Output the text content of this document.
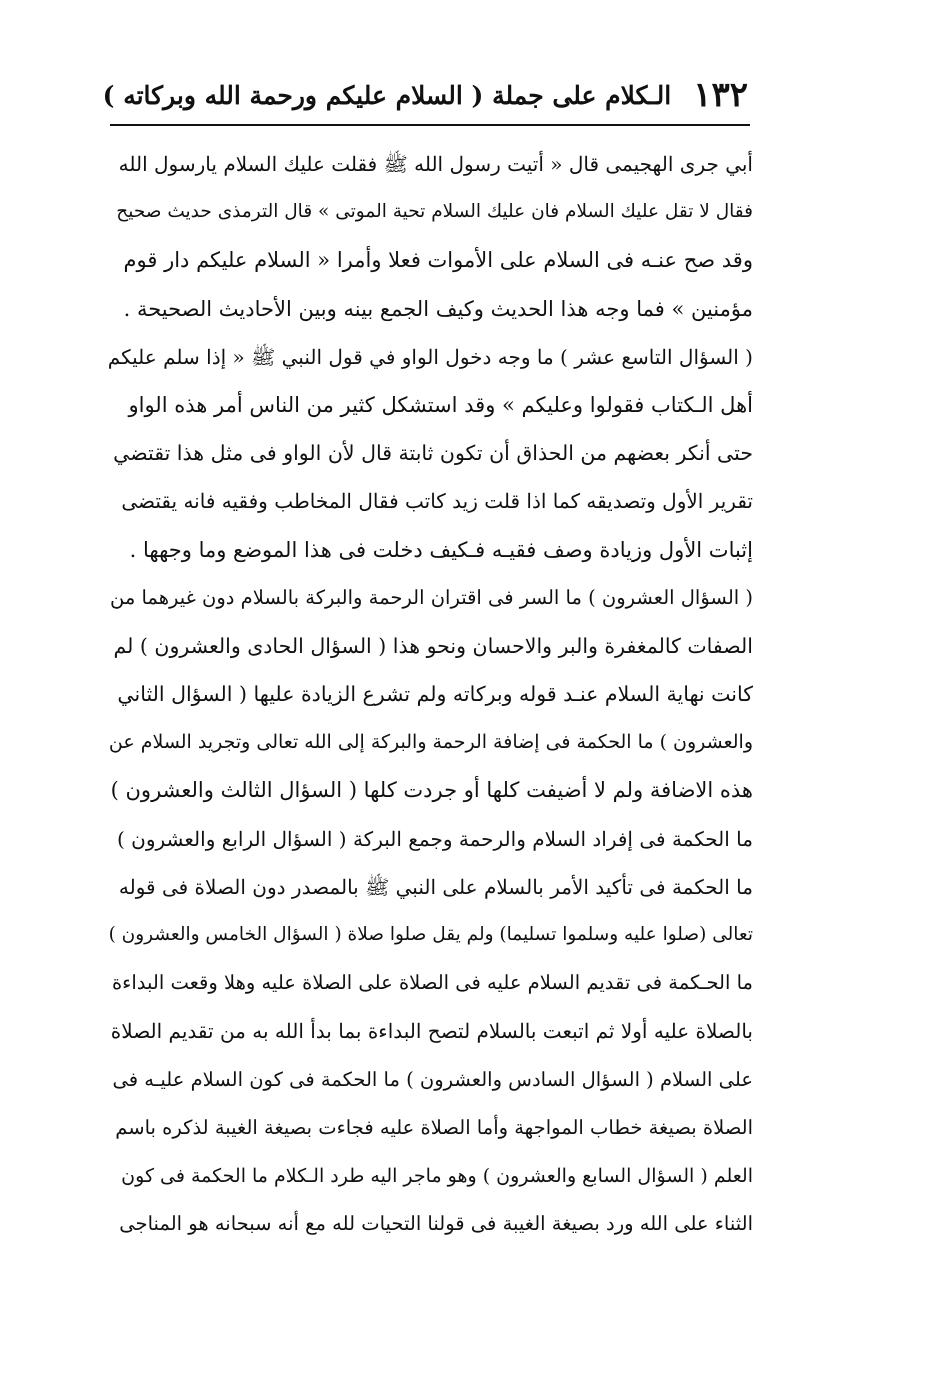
١٣٢
الـكلام على جملة ( السلام عليكم ورحمة الله وبركاته )
أبي جرى الهجيمى قال « أتيت رسول الله ﷺ فقلت عليك السلام يارسول الله
فقال لا تقل عليك السلام فان عليك السلام تحية الموتى » قال الترمذى حديث صحيح
وقد صح عنـه فى السلام على الأموات فعلا وأمرا « السلام عليكم دار قوم
مؤمنين » فما وجه هذا الحديث وكيف الجمع بينه وبين الأحاديث الصحيحة .
( السؤال التاسع عشر ) ما وجه دخول الواو في قول النبي ﷺ « إذا سلم عليكم
أهل الـكتاب فقولوا وعليكم » وقد استشكل كثير من الناس أمر هذه الواو
حتى أنكر بعضهم من الحذاق أن تكون ثابتة قال لأن الواو فى مثل هذا تقتضي
تقرير الأول وتصديقه كما اذا قلت زيد كاتب فقال المخاطب وفقيه فانه يقتضى
إثبات الأول وزيادة وصف فقيـه فـكيف دخلت فى هذا الموضع وما وجهها .
( السؤال العشرون ) ما السر فى اقتران الرحمة والبركة بالسلام دون غيرهما من
الصفات كالمغفرة والبر والاحسان ونحو هذا ( السؤال الحادى والعشرون ) لم
كانت نهاية السلام عنـد قوله وبركاته ولم تشرع الزيادة عليها ( السؤال الثاني
والعشرون ) ما الحكمة فى إضافة الرحمة والبركة إلى الله تعالى وتجريد السلام عن
هذه الاضافة ولم لا أضيفت كلها أو جردت كلها ( السؤال الثالث والعشرون )
ما الحكمة فى إفراد السلام والرحمة وجمع البركة ( السؤال الرابع والعشرون )
ما الحكمة فى تأكيد الأمر بالسلام على النبي ﷺ بالمصدر دون الصلاة فى قوله
تعالى (صلوا عليه وسلموا تسليما) ولم يقل صلوا صلاة ( السؤال الخامس والعشرون )
ما الحـكمة فى تقديم السلام عليه فى الصلاة على الصلاة عليه وهلا وقعت البداءة
بالصلاة عليه أولا ثم اتبعت بالسلام لتصح البداءة بما بدأ الله به من تقديم الصلاة
على السلام ( السؤال السادس والعشرون ) ما الحكمة فى كون السلام عليـه فى
الصلاة بصيغة خطاب المواجهة وأما الصلاة عليه فجاءت بصيغة الغيبة لذكره باسم
العلم ( السؤال السابع والعشرون ) وهو ماجر اليه طرد الـكلام ما الحكمة فى كون
الثناء على الله ورد بصيغة الغيبة فى قولنا التحيات لله مع أنه سبحانه هو المناجى
